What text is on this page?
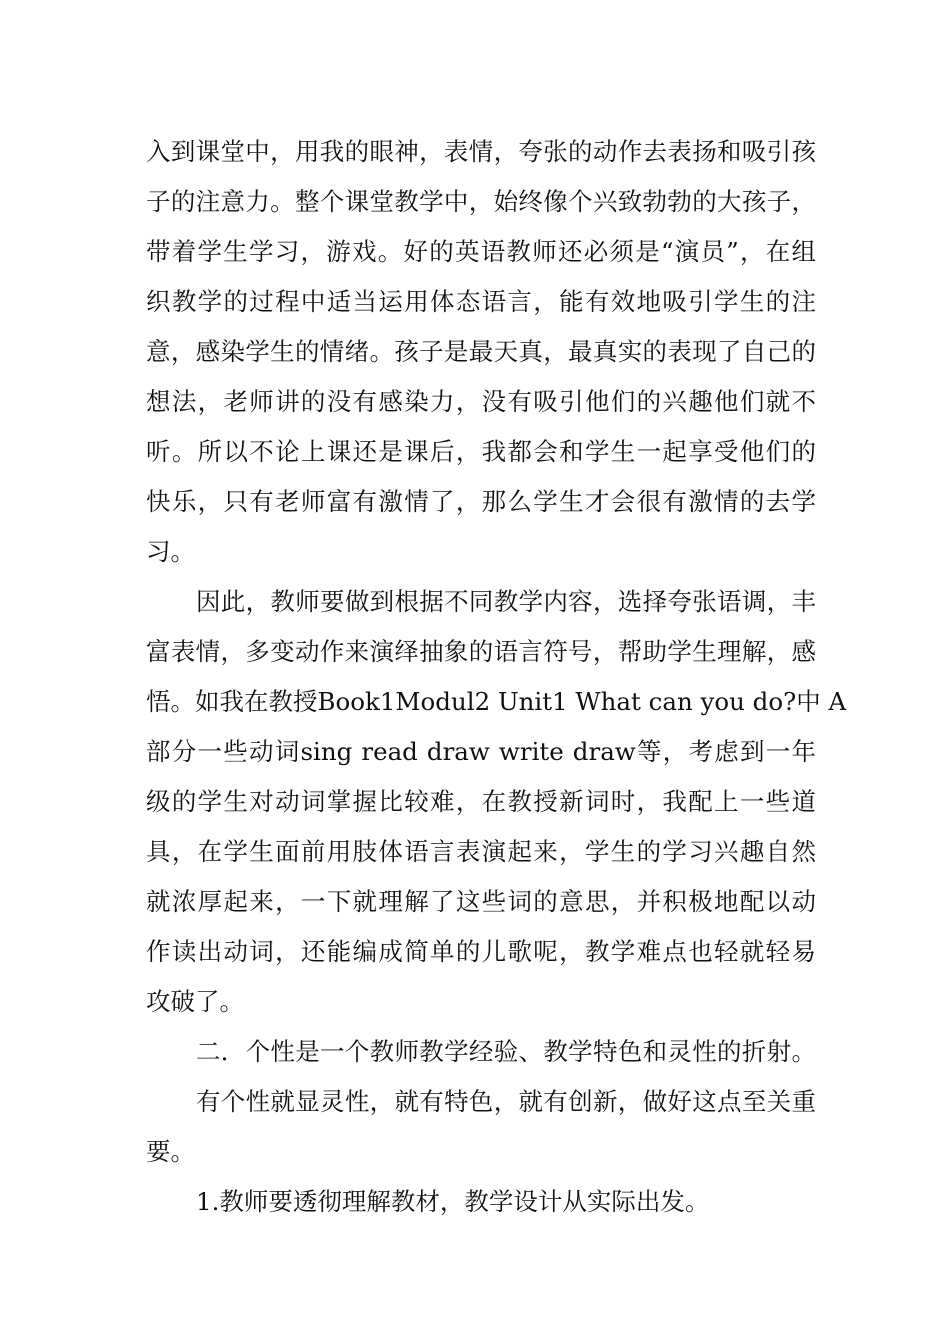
入到课堂中，用我的眼神，表情，夸张的动作去表扬和吸引孩
子的注意力。整个课堂教学中，始终像个兴致勃勃的大孩子，
带着学生学习，游戏。好的英语教师还必须是“演员”，在组
织教学的过程中适当运用体态语言，能有效地吸引学生的注
意，感染学生的情绪。孩子是最天真，最真实的表现了自己的
想法，老师讲的没有感染力，没有吸引他们的兴趣他们就不
听。所以不论上课还是课后，我都会和学生一起享受他们的
快乐，只有老师富有激情了，那么学生才会很有激情的去学
习。
因此，教师要做到根据不同教学内容，选择夸张语调，丰
富表情，多变动作来演绎抽象的语言符号，帮助学生理解，感
悟。如我在教授Book1Modul2 Unit1 What can you do?中 A
部分一些动词sing read draw write draw等，考虑到一年
级的学生对动词掌握比较难，在教授新词时，我配上一些道
具，在学生面前用肢体语言表演起来，学生的学习兴趣自然
就浓厚起来，一下就理解了这些词的意思，并积极地配以动
作读出动词，还能编成简单的儿歌呢，教学难点也轻就轻易
攻破了。
二．个性是一个教师教学经验、教学特色和灵性的折射。
有个性就显灵性，就有特色，就有创新，做好这点至关重
要。
1.教师要透彻理解教材，教学设计从实际出发。
